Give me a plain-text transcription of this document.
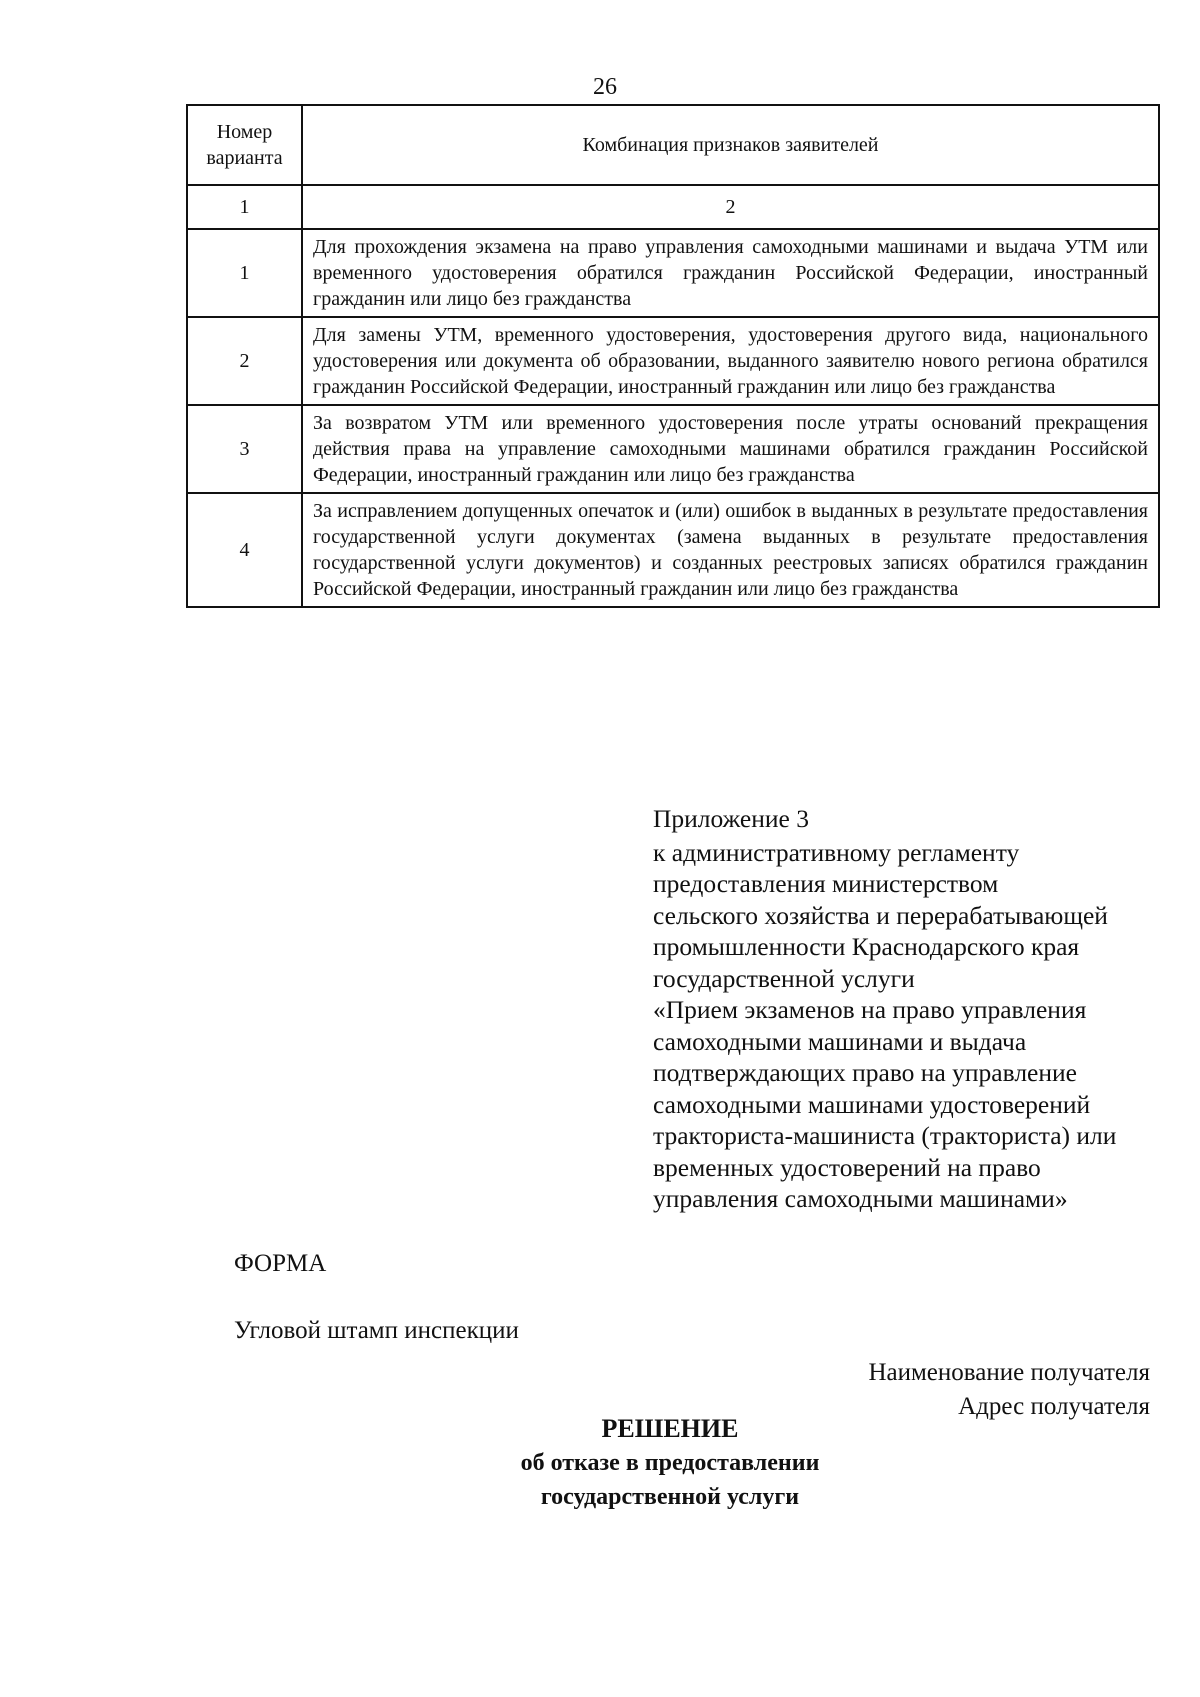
26
Номер варианта	Комбинация признаков заявителей
1	2
1	Для прохождения экзамена на право управления самоходными машинами и выдача УТМ или временного удостоверения обратился гражданин Российской Федерации, иностранный гражданин или лицо без гражданства
2	Для замены УТМ, временного удостоверения, удостоверения другого вида, национального удостоверения или документа об образовании, выданного заявителю нового региона обратился гражданин Российской Федерации, иностранный гражданин или лицо без гражданства
3	За возвратом УТМ или временного удостоверения после утраты оснований прекращения действия права на управление самоходными машинами обратился гражданин Российской Федерации, иностранный гражданин или лицо без гражданства
4	За исправлением допущенных опечаток и (или) ошибок в выданных в результате предоставления государственной услуги документах (замена выданных в результате предоставления государственной услуги документов) и созданных реестровых записях обратился гражданин Российской Федерации, иностранный гражданин или лицо без гражданства
Приложение 3
к административному регламенту
предоставления министерством
сельского хозяйства и перерабатывающей
промышленности Краснодарского края
государственной услуги
«Прием экзаменов на право управления
самоходными машинами и выдача
подтверждающих право на управление
самоходными машинами удостоверений
тракториста-машиниста (тракториста) или
временных удостоверений на право
управления самоходными машинами»
ФОРМА
Угловой штамп инспекции
Наименование получателя
Адрес получателя
РЕШЕНИЕ
об отказе в предоставлении
государственной услуги
